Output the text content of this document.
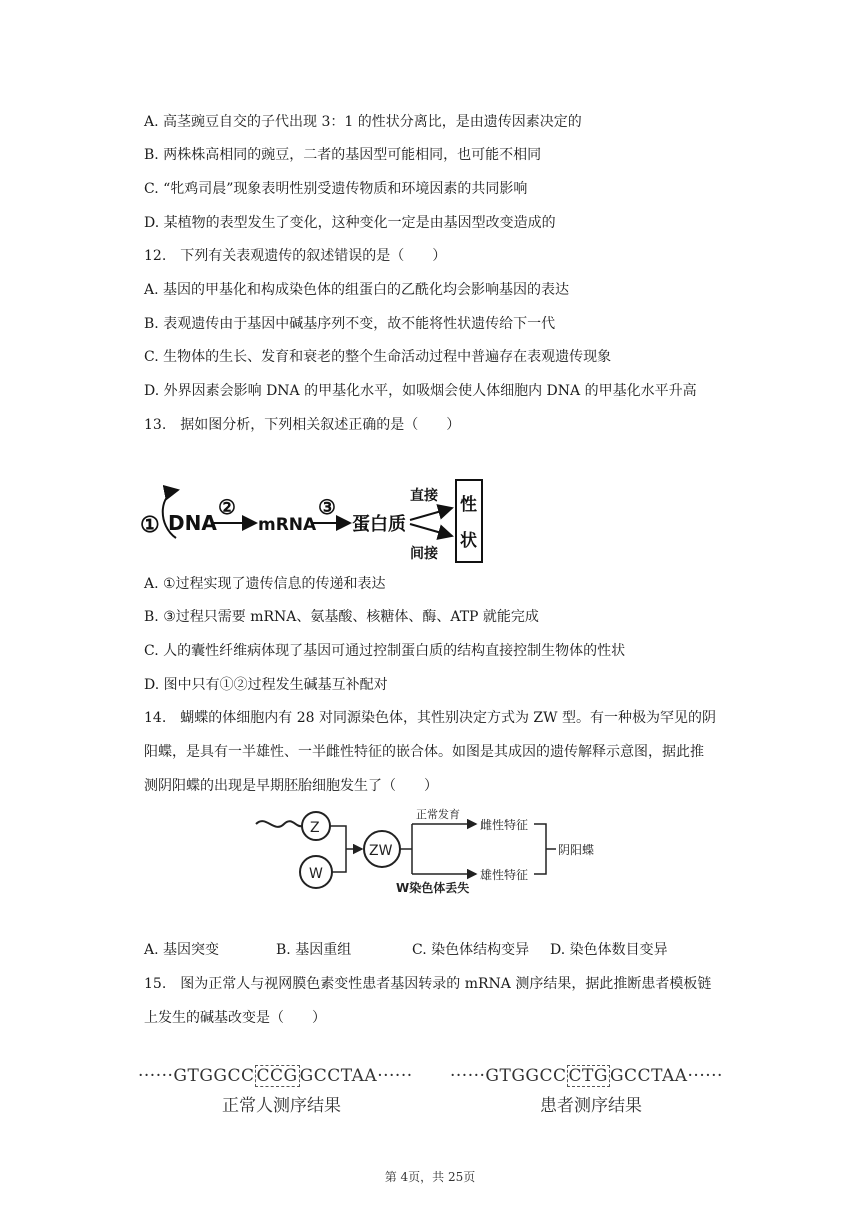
A. 高茎豌豆自交的子代出现 3：1 的性状分离比，是由遗传因素决定的
B. 两株株高相同的豌豆，二者的基因型可能相同，也可能不相同
C. “牝鸡司晨”现象表明性别受遗传物质和环境因素的共同影响
D. 某植物的表型发生了变化，这种变化一定是由基因型改变造成的
12.　下列有关表观遗传的叙述错误的是（　　）
A. 基因的甲基化和构成染色体的组蛋白的乙酰化均会影响基因的表达
B. 表观遗传由于基因中碱基序列不变，故不能将性状遗传给下一代
C. 生物体的生长、发育和衰老的整个生命活动过程中普遍存在表观遗传现象
D. 外界因素会影响 DNA 的甲基化水平，如吸烟会使人体细胞内 DNA 的甲基化水平升高
13.　据如图分析，下列相关叙述正确的是（　　）
① DNA
②
mRNA
③
蛋白质
直接
间接
性
状
A. ①过程实现了遗传信息的传递和表达
B. ③过程只需要 mRNA、氨基酸、核糖体、酶、ATP 就能完成
C. 人的囊性纤维病体现了基因可通过控制蛋白质的结构直接控制生物体的性状
D. 图中只有①②过程发生碱基互补配对
14.　蝴蝶的体细胞内有 28 对同源染色体，其性别决定方式为 ZW 型。有一种极为罕见的阴
阳蝶，是具有一半雄性、一半雌性特征的嵌合体。如图是其成因的遗传解释示意图，据此推
测阴阳蝶的出现是早期胚胎细胞发生了（　　）
Z
W
ZW
正常发育
W染色体丢失
雌性特征
雄性特征
阴阳蝶
A. 基因突变	B. 基因重组	C. 染色体结构变异 D. 染色体数目变异
15.　图为正常人与视网膜色素变性患者基因转录的 mRNA 测序结果，据此推断患者模板链
上发生的碱基改变是（　　）
······GTGGCC CCG GCCTAA······
正常人测序结果
······GTGGCC CTG GCCTAA······
患者测序结果
第 4页，共 25页
